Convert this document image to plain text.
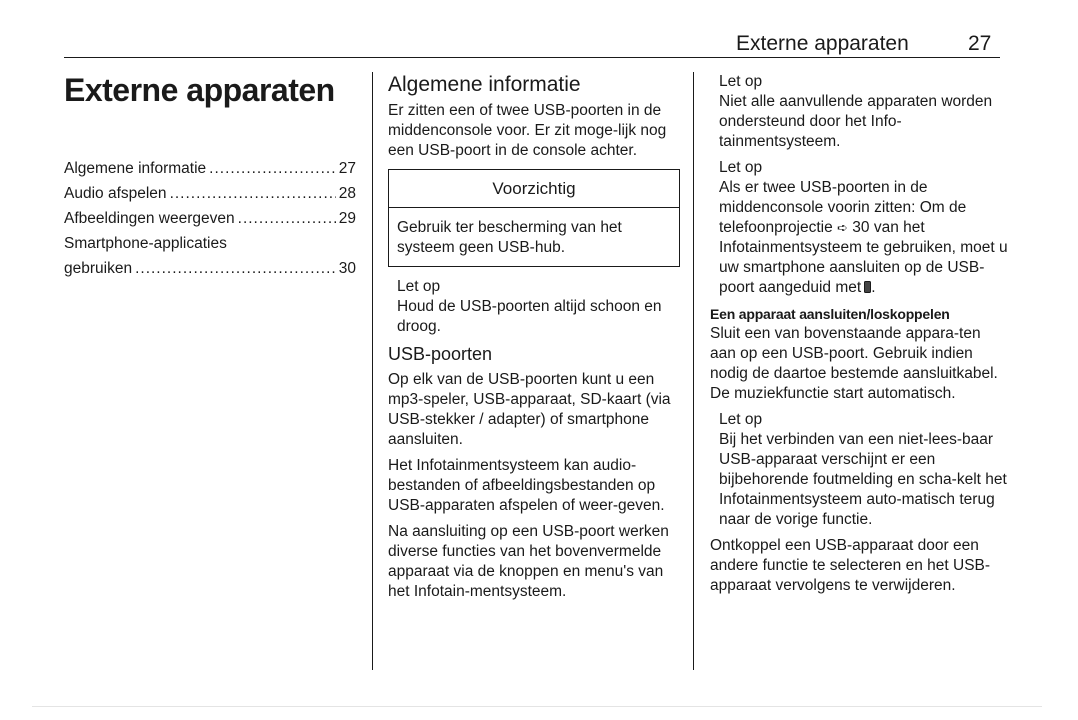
Externe apparaten	27
Externe apparaten
Algemene informatie .....	27
Audio afspelen .....	28
Afbeeldingen weergeven .....	29
Smartphone-applicaties
gebruiken .....	30
Algemene informatie

Er zitten een of twee USB-poorten in de middenconsole voor. Er zit moge-lijk nog een USB-poort in de console achter.

Voorzichtig
Gebruik ter bescherming van het systeem geen USB-hub.
Let op
Houd de USB-poorten altijd schoon en droog.
USB-poorten

Op elk van de USB-poorten kunt u een mp3-speler, USB-apparaat, SD-kaart (via USB-stekker / adapter) of smartphone aansluiten.

Het Infotainmentsysteem kan audio-bestanden of afbeeldingsbestanden op USB-apparaten afspelen of weer-geven.

Na aansluiting op een USB-poort werken diverse functies van het bovenvermelde apparaat via de knoppen en menu's van het Infotain-mentsysteem.

Let op
Niet alle aanvullende apparaten worden ondersteund door het Info-tainmentsysteem.
Let op
Als er twee USB-poorten in de middenconsole voorin zitten: Om de telefoonprojectie ➪ 30 van het Infotainmentsysteem te gebruiken, moet u uw smartphone aansluiten op de USB-poort aangeduid met .
Een apparaat aansluiten/loskoppelen

Sluit een van bovenstaande appara-ten aan op een USB-poort. Gebruik indien nodig de daartoe bestemde aansluitkabel. De muziekfunctie start automatisch.

Let op
Bij het verbinden van een niet-lees-baar USB-apparaat verschijnt er een bijbehorende foutmelding en scha-kelt het Infotainmentsysteem auto-matisch terug naar de vorige functie.

Ontkoppel een USB-apparaat door een andere functie te selecteren en het USB-apparaat vervolgens te verwijderen.
